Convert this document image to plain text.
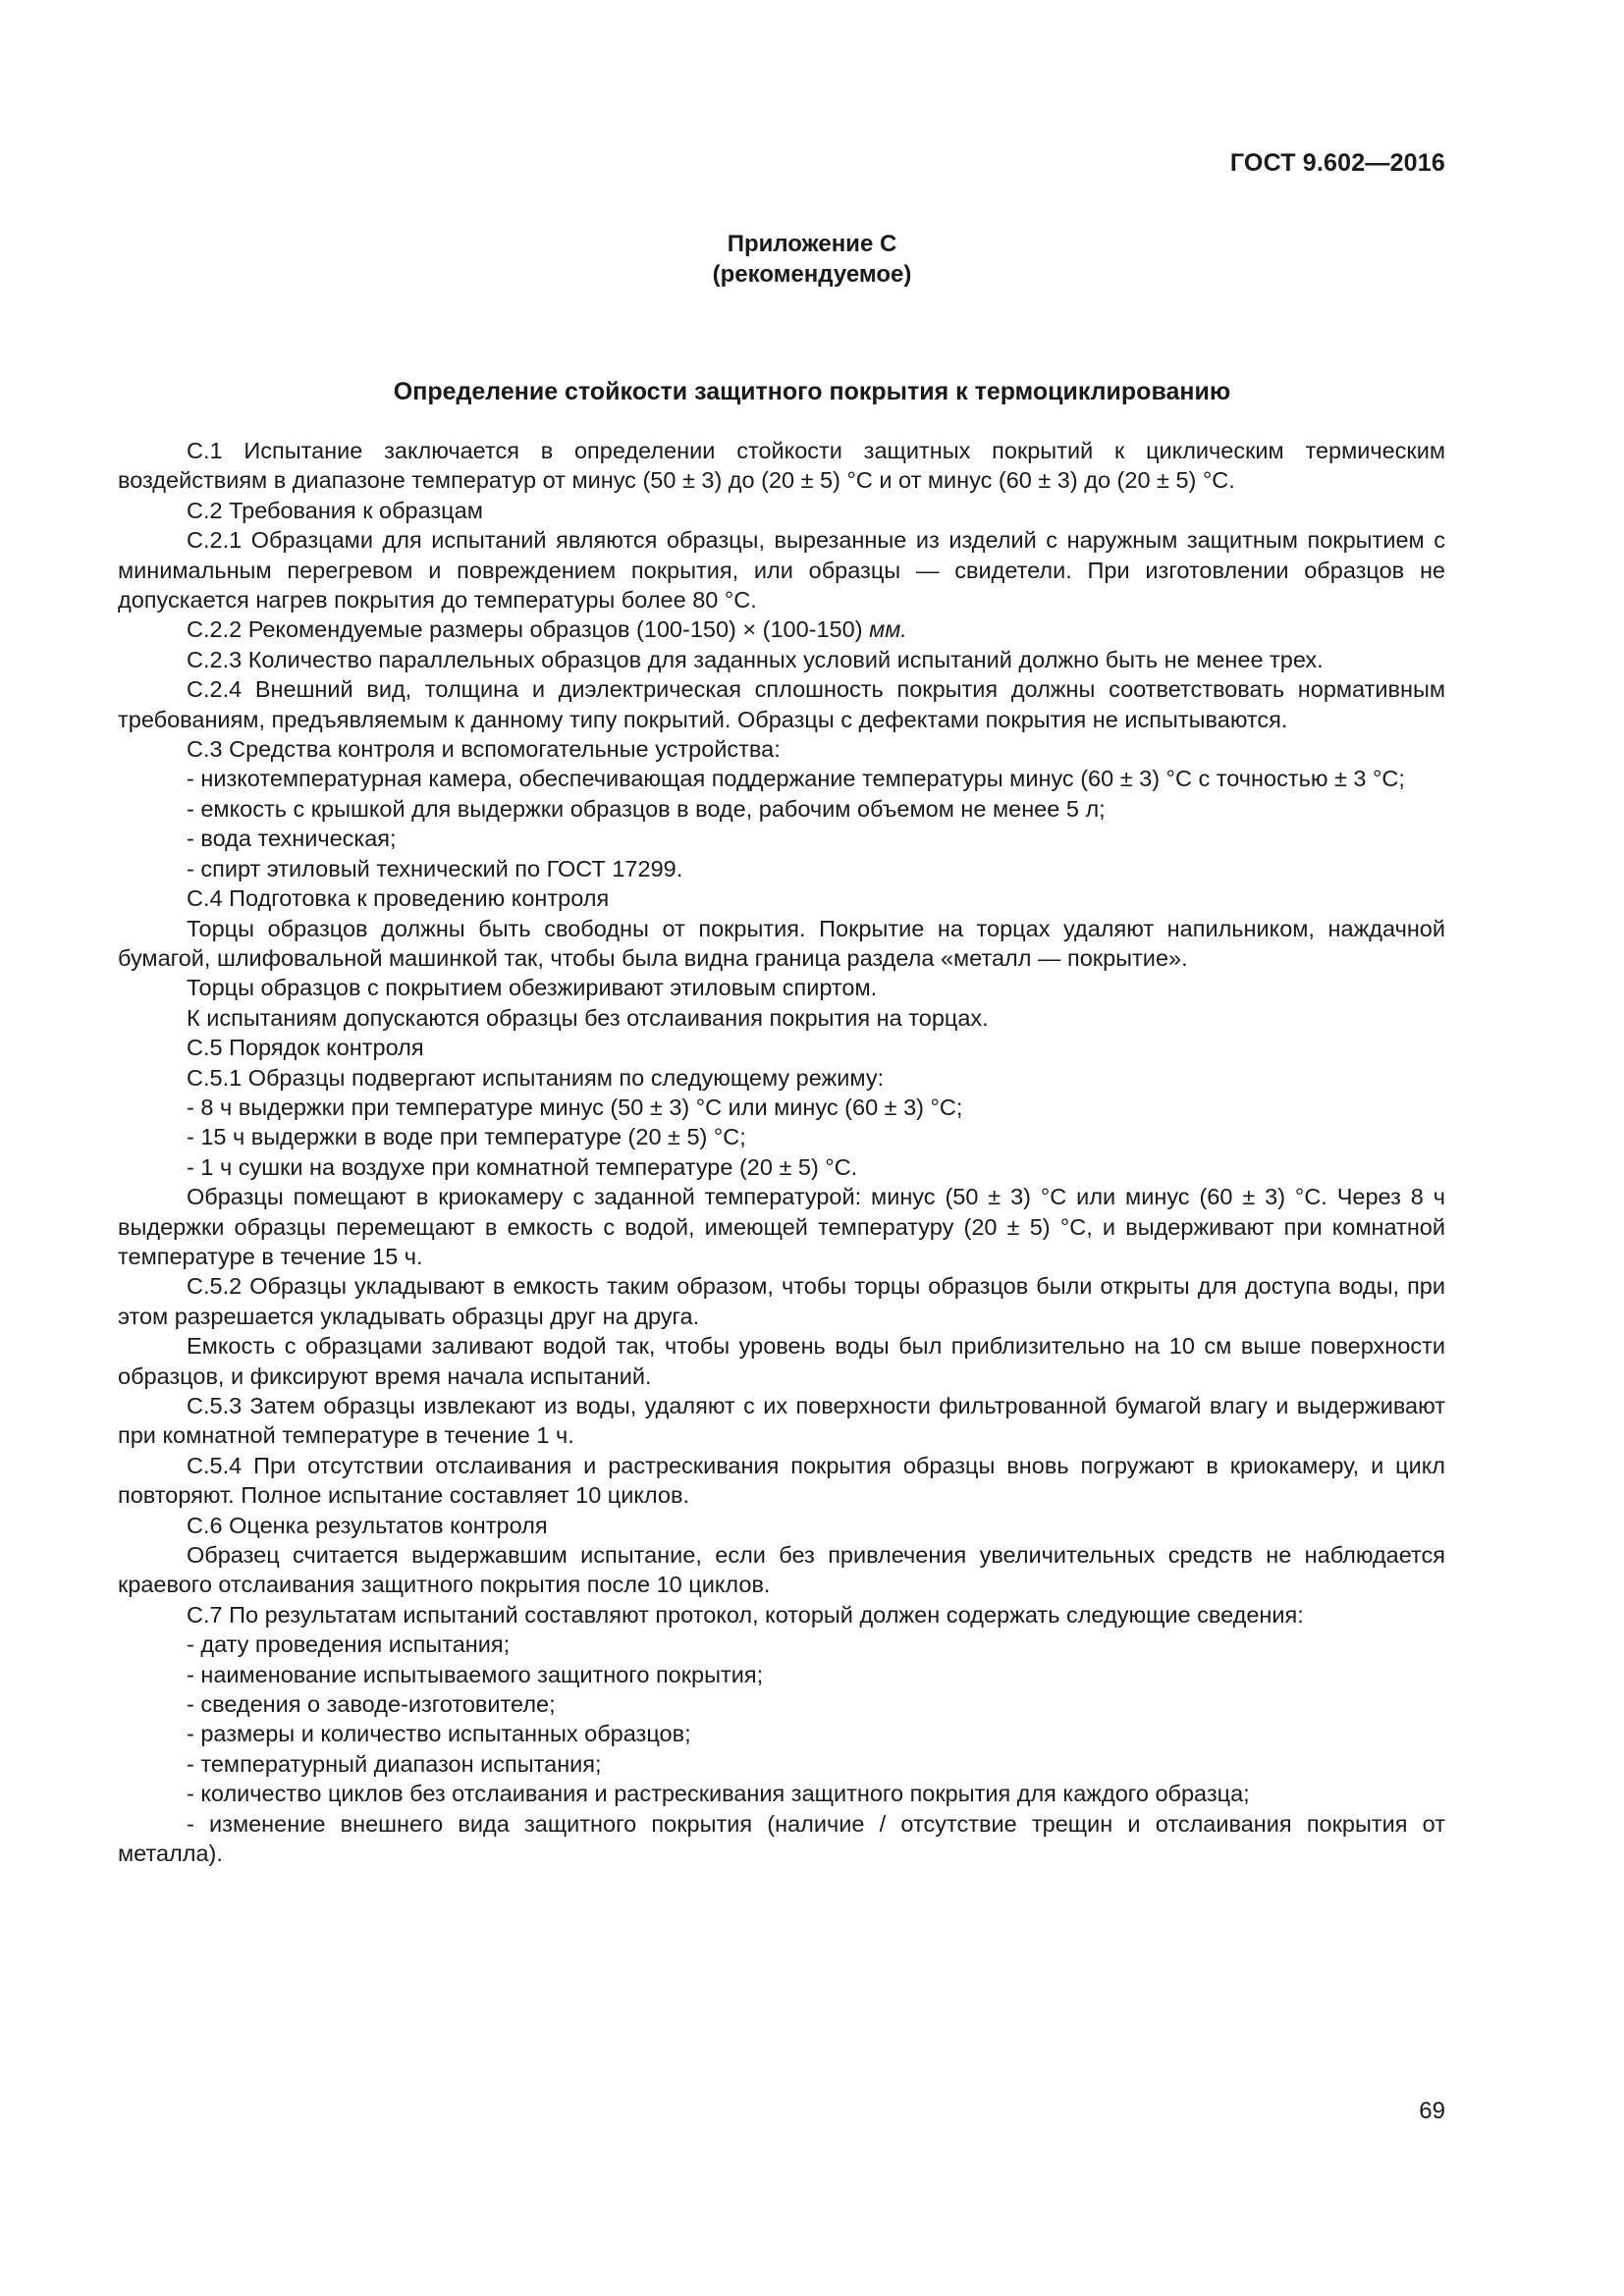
ГОСТ 9.602—2016
Приложение С
(рекомендуемое)
Определение стойкости защитного покрытия к термоциклированию

С.1 Испытание заключается в определении стойкости защитных покрытий к циклическим термическим воздействиям в диапазоне температур от минус (50 ± 3) до (20 ± 5) °С и от минус (60 ± 3) до (20 ± 5) °С.

С.2 Требования к образцам

С.2.1 Образцами для испытаний являются образцы, вырезанные из изделий с наружным защитным покрытием с минимальным перегревом и повреждением покрытия, или образцы — свидетели. При изготовлении образцов не допускается нагрев покрытия до температуры более 80 °С.

С.2.2 Рекомендуемые размеры образцов (100-150) × (100-150) мм.

С.2.3 Количество параллельных образцов для заданных условий испытаний должно быть не менее трех.

С.2.4 Внешний вид, толщина и диэлектрическая сплошность покрытия должны соответствовать нормативным требованиям, предъявляемым к данному типу покрытий. Образцы с дефектами покрытия не испытываются.

С.3 Средства контроля и вспомогательные устройства:

- низкотемпературная камера, обеспечивающая поддержание температуры минус (60 ± 3) °С с точностью ± 3 °С;

- емкость с крышкой для выдержки образцов в воде, рабочим объемом не менее 5 л;

- вода техническая;

- спирт этиловый технический по ГОСТ 17299.

С.4 Подготовка к проведению контроля

Торцы образцов должны быть свободны от покрытия. Покрытие на торцах удаляют напильником, наждачной бумагой, шлифовальной машинкой так, чтобы была видна граница раздела «металл — покрытие».

Торцы образцов с покрытием обезжиривают этиловым спиртом.

К испытаниям допускаются образцы без отслаивания покрытия на торцах.

С.5 Порядок контроля

С.5.1 Образцы подвергают испытаниям по следующему режиму:

- 8 ч выдержки при температуре минус (50 ± 3) °С или минус (60 ± 3) °С;

- 15 ч выдержки в воде при температуре (20 ± 5) °С;

- 1 ч сушки на воздухе при комнатной температуре (20 ± 5) °С.

Образцы помещают в криокамеру с заданной температурой: минус (50 ± 3) °С или минус (60 ± 3) °С. Через 8 ч выдержки образцы перемещают в емкость с водой, имеющей температуру (20 ± 5) °С, и выдерживают при комнатной температуре в течение 15 ч.

С.5.2 Образцы укладывают в емкость таким образом, чтобы торцы образцов были открыты для доступа воды, при этом разрешается укладывать образцы друг на друга.

Емкость с образцами заливают водой так, чтобы уровень воды был приблизительно на 10 см выше поверхности образцов, и фиксируют время начала испытаний.

С.5.3 Затем образцы извлекают из воды, удаляют с их поверхности фильтрованной бумагой влагу и выдерживают при комнатной температуре в течение 1 ч.

С.5.4 При отсутствии отслаивания и растрескивания покрытия образцы вновь погружают в криокамеру, и цикл повторяют. Полное испытание составляет 10 циклов.

С.6 Оценка результатов контроля

Образец считается выдержавшим испытание, если без привлечения увеличительных средств не наблюдается краевого отслаивания защитного покрытия после 10 циклов.

С.7 По результатам испытаний составляют протокол, который должен содержать следующие сведения:

- дату проведения испытания;

- наименование испытываемого защитного покрытия;

- сведения о заводе-изготовителе;

- размеры и количество испытанных образцов;

- температурный диапазон испытания;

- количество циклов без отслаивания и растрескивания защитного покрытия для каждого образца;

- изменение внешнего вида защитного покрытия (наличие / отсутствие трещин и отслаивания покрытия от металла).

69
